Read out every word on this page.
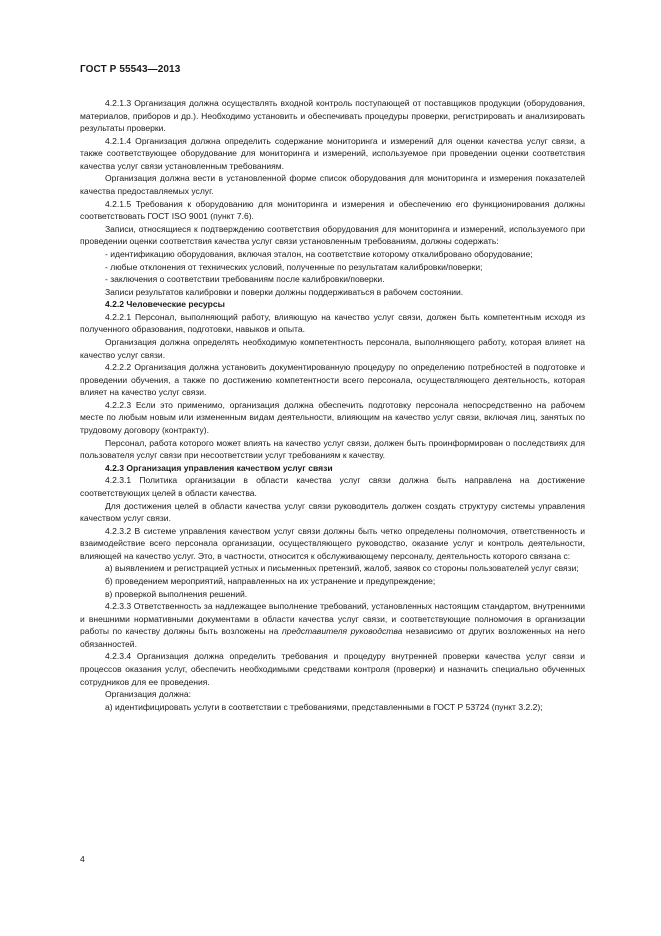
ГОСТ Р 55543—2013

4.2.1.3 Организация должна осуществлять входной контроль поступающей от поставщиков продукции (оборудования, материалов, приборов и др.). Необходимо установить и обеспечивать процедуры проверки, регистрировать и анализировать результаты проверки.

4.2.1.4 Организация должна определить содержание мониторинга и измерений для оценки качества услуг связи, а также соответствующее оборудование для мониторинга и измерений, используемое при проведении оценки соответствия качества услуг связи установленным требованиям.

Организация должна вести в установленной форме список оборудования для мониторинга и измерения показателей качества предоставляемых услуг.

4.2.1.5 Требования к оборудованию для мониторинга и измерения и обеспечению его функционирования должны соответствовать ГОСТ ISO 9001 (пункт 7.6).

Записи, относящиеся к подтверждению соответствия оборудования для мониторинга и измерений, используемого при проведении оценки соответствия качества услуг связи установленным требованиям, должны содержать:

- идентификацию оборудования, включая эталон, на соответствие которому откалибровано оборудование;

- любые отклонения от технических условий, полученные по результатам калибровки/поверки;

- заключения о соответствии требованиям после калибровки/поверки.

Записи результатов калибровки и поверки должны поддерживаться в рабочем состоянии.

4.2.2 Человеческие ресурсы

4.2.2.1 Персонал, выполняющий работу, влияющую на качество услуг связи, должен быть компетентным исходя из полученного образования, подготовки, навыков и опыта.

Организация должна определять необходимую компетентность персонала, выполняющего работу, которая влияет на качество услуг связи.

4.2.2.2 Организация должна установить документированную процедуру по определению потребностей в подготовке и проведении обучения, а также по достижению компетентности всего персонала, осуществляющего деятельность, которая влияет на качество услуг связи.

4.2.2.3 Если это применимо, организация должна обеспечить подготовку персонала непосредственно на рабочем месте по любым новым или измененным видам деятельности, влияющим на качество услуг связи, включая лиц, занятых по трудовому договору (контракту).

Персонал, работа которого может влиять на качество услуг связи, должен быть проинформирован о последствиях для пользователя услуг связи при несоответствии услуг требованиям к качеству.

4.2.3 Организация управления качеством услуг связи

4.2.3.1 Политика организации в области качества услуг связи должна быть направлена на достижение соответствующих целей в области качества.

Для достижения целей в области качества услуг связи руководитель должен создать структуру системы управления качеством услуг связи.

4.2.3.2 В системе управления качеством услуг связи должны быть четко определены полномочия, ответственность и взаимодействие всего персонала организации, осуществляющего руководство, оказание услуг и контроль деятельности, влияющей на качество услуг. Это, в частности, относится к обслуживающему персоналу, деятельность которого связана с:

а) выявлением и регистрацией устных и письменных претензий, жалоб, заявок со стороны пользователей услуг связи;

б) проведением мероприятий, направленных на их устранение и предупреждение;

в) проверкой выполнения решений.

4.2.3.3 Ответственность за надлежащее выполнение требований, установленных настоящим стандартом, внутренними и внешними нормативными документами в области качества услуг связи, и соответствующие полномочия в организации работы по качеству должны быть возложены на представителя руководства независимо от других возложенных на него обязанностей.

4.2.3.4 Организация должна определить требования и процедуру внутренней проверки качества услуг связи и процессов оказания услуг, обеспечить необходимыми средствами контроля (проверки) и назначить специально обученных сотрудников для ее проведения.

Организация должна:

а) идентифицировать услуги в соответствии с требованиями, представленными в ГОСТ Р 53724 (пункт 3.2.2);

4
